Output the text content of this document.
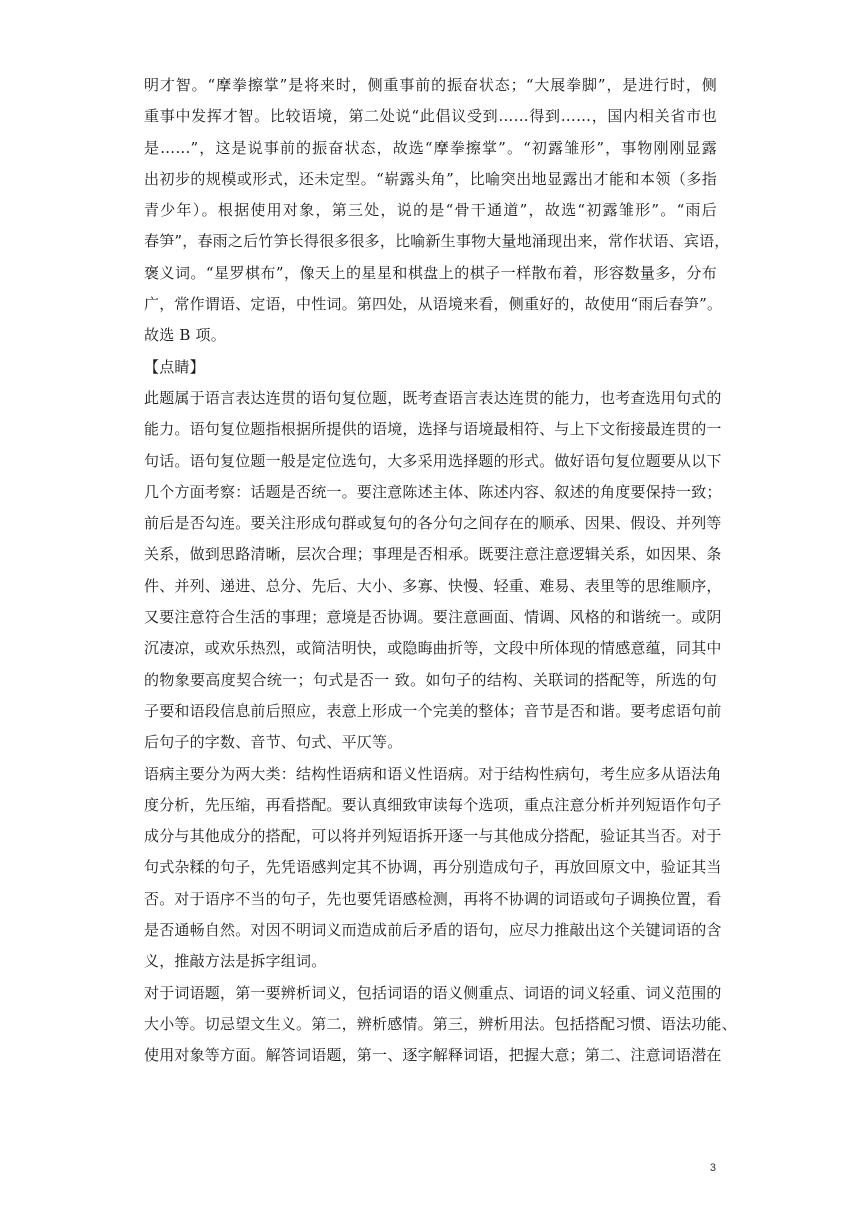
明才智。“摩拳擦掌”是将来时，侧重事前的振奋状态；“大展拳脚”，是进行时，侧
重事中发挥才智。比较语境，第二处说“此倡议受到……得到……，国内相关省市也
是……”，这是说事前的振奋状态，故选“摩拳擦掌”。“初露雏形”，事物刚刚显露
出初步的规模或形式，还未定型。“崭露头角”，比喻突出地显露出才能和本领（多指
青少年）。根据使用对象，第三处，说的是“骨干通道”，故选“初露雏形”。“雨后
春笋”，春雨之后竹笋长得很多很多，比喻新生事物大量地涌现出来，常作状语、宾语，
褒义词。“星罗棋布”，像天上的星星和棋盘上的棋子一样散布着，形容数量多，分布
广，常作谓语、定语，中性词。第四处，从语境来看，侧重好的，故使用“雨后春笋”。
故选 B 项。
【点睛】
此题属于语言表达连贯的语句复位题，既考查语言表达连贯的能力，也考查选用句式的
能力。语句复位题指根据所提供的语境，选择与语境最相符、与上下文衔接最连贯的一
句话。语句复位题一般是定位选句，大多采用选择题的形式。做好语句复位题要从以下
几个方面考察：话题是否统一。要注意陈述主体、陈述内容、叙述的角度要保持一致；
前后是否勾连。要关注形成句群或复句的各分句之间存在的顺承、因果、假设、并列等
关系，做到思路清晰，层次合理；事理是否相承。既要注意注意逻辑关系，如因果、条
件、并列、递进、总分、先后、大小、多寡、快慢、轻重、难易、表里等的思维顺序，
又要注意符合生活的事理；意境是否协调。要注意画面、情调、风格的和谐统一。或阴
沉凄凉，或欢乐热烈，或简洁明快，或隐晦曲折等，文段中所体现的情感意蕴，同其中
的物象要高度契合统一；句式是否一 致。如句子的结构、关联词的搭配等，所选的句
子要和语段信息前后照应，表意上形成一个完美的整体；音节是否和谐。要考虑语句前
后句子的字数、音节、句式、平仄等。
语病主要分为两大类：结构性语病和语义性语病。对于结构性病句，考生应多从语法角
度分析，先压缩，再看搭配。要认真细致审读每个选项，重点注意分析并列短语作句子
成分与其他成分的搭配，可以将并列短语拆开逐一与其他成分搭配，验证其当否。对于
句式杂糅的句子，先凭语感判定其不协调，再分别造成句子，再放回原文中，验证其当
否。对于语序不当的句子，先也要凭语感检测，再将不协调的词语或句子调换位置，看
是否通畅自然。对因不明词义而造成前后矛盾的语句，应尽力推敲出这个关键词语的含
义，推敲方法是拆字组词。
对于词语题，第一要辨析词义，包括词语的语义侧重点、词语的词义轻重、词义范围的
大小等。切忌望文生义。第二，辨析感情。第三，辨析用法。包括搭配习惯、语法功能、
使用对象等方面。解答词语题，第一、逐字解释词语，把握大意；第二、注意词语潜在
3
